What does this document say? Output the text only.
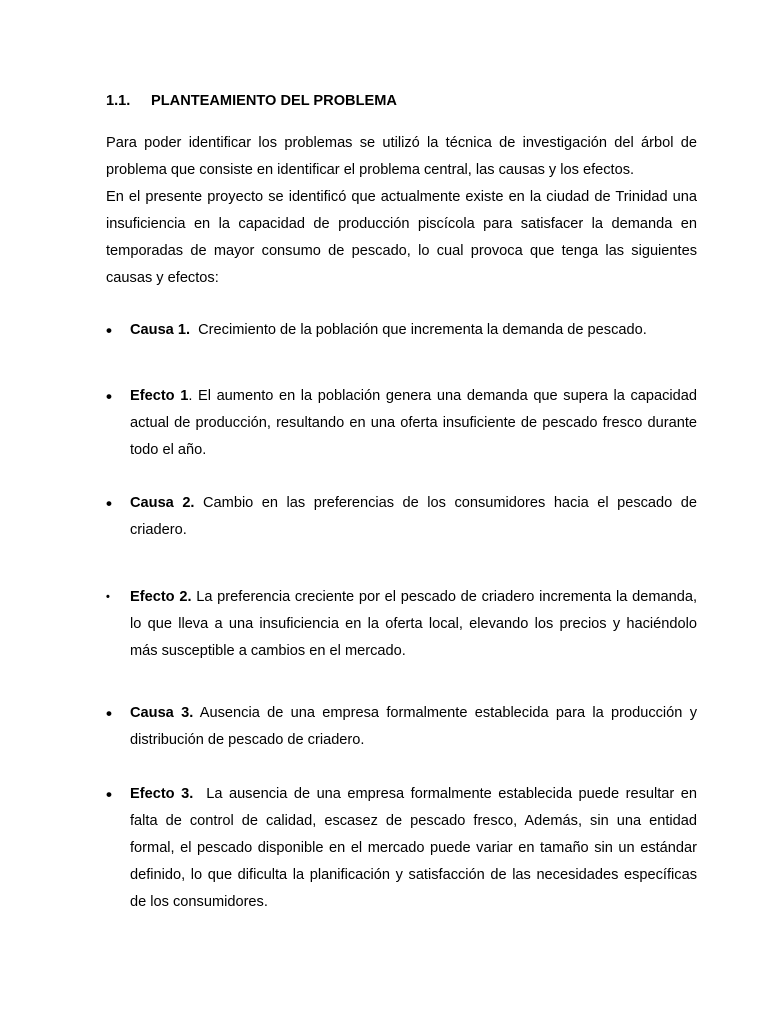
1.1. PLANTEAMIENTO DEL PROBLEMA

Para poder identificar los problemas se utilizó la técnica de investigación del árbol de problema que consiste en identificar el problema central, las causas y los efectos.

En el presente proyecto se identificó que actualmente existe en la ciudad de Trinidad una insuficiencia en la capacidad de producción piscícola para satisfacer la demanda en temporadas de mayor consumo de pescado, lo cual provoca que tenga las siguientes causas y efectos:

• Causa 1.  Crecimiento de la población que incrementa la demanda de pescado.
• Efecto 1. El aumento en la población genera una demanda que supera la capacidad actual de producción, resultando en una oferta insuficiente de pescado fresco durante todo el año.
• Causa 2. Cambio en las preferencias de los consumidores hacia el pescado de criadero.
• Efecto 2. La preferencia creciente por el pescado de criadero incrementa la demanda, lo que lleva a una insuficiencia en la oferta local, elevando los precios y haciéndolo más susceptible a cambios en el mercado.
• Causa 3. Ausencia de una empresa formalmente establecida para la producción y distribución de pescado de criadero.
• Efecto 3.  La ausencia de una empresa formalmente establecida puede resultar en falta de control de calidad, escasez de pescado fresco, Además, sin una entidad formal, el pescado disponible en el mercado puede variar en tamaño sin un estándar definido, lo que dificulta la planificación y satisfacción de las necesidades específicas de los consumidores.
